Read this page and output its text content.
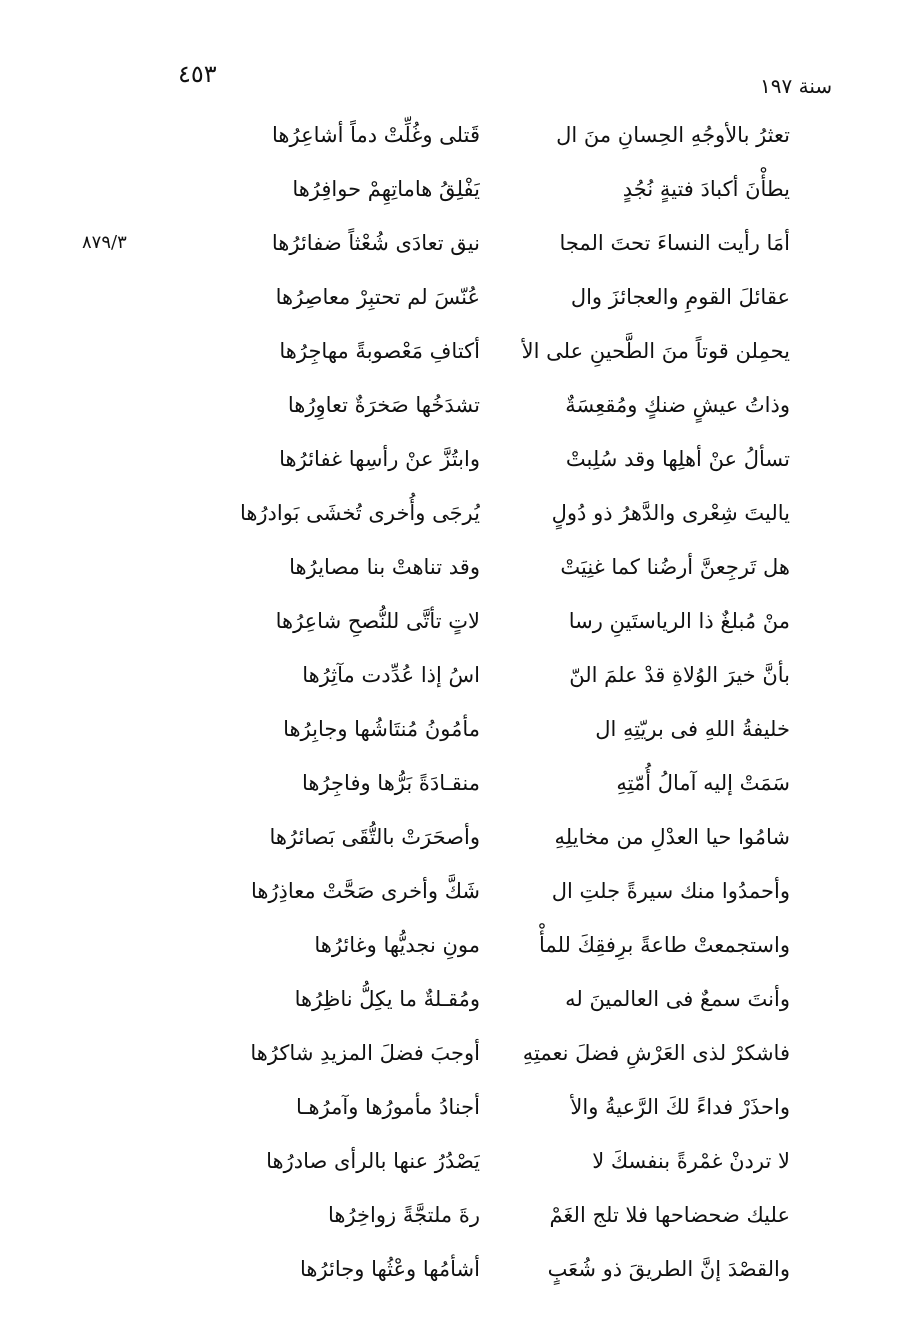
٤٥٣	سنة ١٩٧
٨٧٩/٣
تعثرُ بالأوجُهِ الحِسانِ منَ ال
قَتلى وغُلِّتْ دماً أشاعِرُها
يطأْنَ أكبادَ فتيةٍ نُجُدٍ
يَفْلِقُ هاماتِهِمْ حوافِرُها
أمَا رأيت النساءَ تحتَ المجا
نيق تعادَى شُعْثاً ضفائرُها
عقائلَ القومِ والعجائزَ وال
عُنّسَ لم تحتبِرْ معاصِرُها
يحمِلن قوتاً منَ الطَّحينِ على الأ
أكتافِ مَعْصوبةً مهاجِرُها
وذاتُ عيشٍ ضنكٍ ومُقعِسَةٌ
تشدَخُها صَخرَةٌ تعاوِرُها
تسألُ عنْ أهلِها وقد سُلِبتْ
وابتُزَّ عنْ رأسِها غفائرُها
ياليتَ شِعْرى والدَّهرُ ذو دُولٍ
يُرجَى وأُخرى تُخشَى بَوادرُها
هل تَرجِعنَّ أرضُنا كما غنِيَتْ
وقد تناهتْ بنا مصايرُها
منْ مُبلغٌ ذا الرياستَينِ رسا
لاتٍ تأتَّى للنُّصحِ شاعِرُها
بأنَّ خيرَ الوُلاةِ قدْ علمَ النّ
اسُ إذا عُدِّدت مآثِرُها
خليفةُ اللهِ فى بريّتِهِ ال
مأمُونُ مُنتَاشُها وجابِرُها
سَمَتْ إليه آمالُ أُمّتِهِ
منقـادَةً بَرُّها وفاجِرُها
شامُوا حيا العدْلِ من مخايلِهِ
وأصحَرَتْ بالتُّقَى بَصائرُها
وأحمدُوا منك سيرةً جلتِ ال
شَكَّ وأخرى صَحَّتْ معاذِرُها
واستجمعتْ طاعةً برِفقِكَ للمأْ
مونِ نجديُّها وغائرُها
وأنتَ سمعٌ فى العالمينَ له
ومُقـلةٌ ما يكِلُّ ناظِرُها
فاشكرْ لذى العَرْشِ فضلَ نعمتِهِ
أوجبَ فضلَ المزيدِ شاكرُها
واحذَرْ فداءً لكَ الرَّعيةُ والأ
أجنادُ مأمورُها وآمرُهـا
لا تردنْ غمْرةً بنفسكَ لا
يَصْدُرُ عنها بالرأى صادرُها
عليك ضحضاحها فلا تلج الغَمْ
رةَ ملتجَّةً زواخِرُها
والقصْدَ إنَّ الطريقَ ذو شُعَبٍ
أشأمُها وعْثُها وجائرُها
